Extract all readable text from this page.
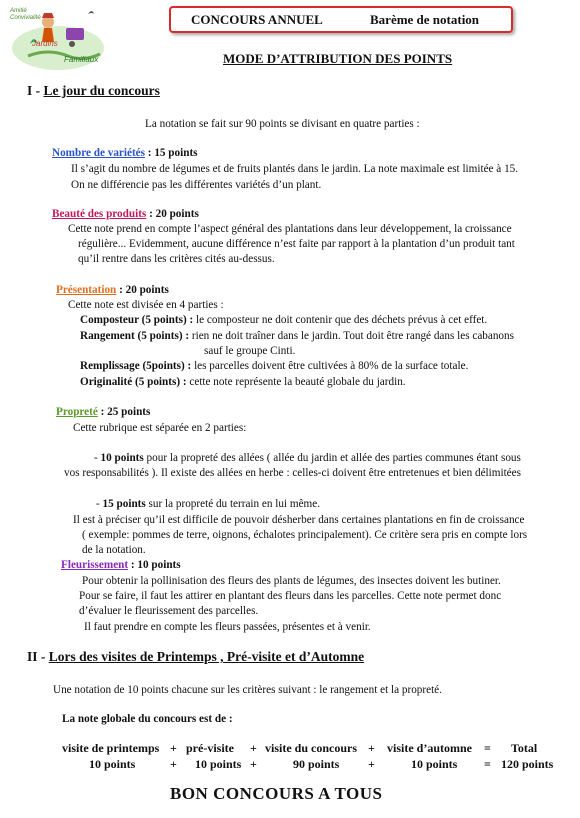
Amitié
Convivialité
Jardins
Familiaux
CONCOURS ANNUEL	Barème de notation
MODE D’ATTRIBUTION DES POINTS
I - Le jour du concours
La notation se fait sur 90 points se divisant en quatre parties :
Nombre de variétés : 15 points
Il s’agit du nombre de légumes et de fruits plantés dans le jardin. La note maximale est limitée à 15.
On ne différencie pas les différentes variétés d’un plant.
Beauté des produits : 20 points
Cette note prend en compte l’aspect général des plantations dans leur développement, la croissance
régulière... Evidemment, aucune différence n’est faite par rapport à la plantation d’un produit tant
qu’il rentre dans les critères cités au-dessus.
Présentation : 20 points
Cette note est divisée en 4 parties :
Composteur (5 points) : le composteur ne doit contenir que des déchets prévus à cet effet.
Rangement (5 points) : rien ne doit traîner dans le jardin. Tout doit être rangé dans les cabanons
sauf le groupe Cinti.
Remplissage (5points) : les parcelles doivent être cultivées à 80% de la surface totale.
Originalité (5 points) : cette note représente la beauté globale du jardin.
Propreté : 25 points
Cette rubrique est séparée en 2 parties:
- 10 points pour la propreté des allées ( allée du jardin et allée des parties communes étant sous
vos responsabilités ). Il existe des allées en herbe : celles-ci doivent être entretenues et bien délimitées
- 15 points sur la propreté du terrain en lui même.
Il est à préciser qu’il est difficile de pouvoir désherber dans certaines plantations en fin de croissance
( exemple: pommes de terre, oignons, échalotes principalement). Ce critère sera pris en compte lors
de la notation.
Fleurissement : 10 points
Pour obtenir la pollinisation des fleurs des plants de légumes, des insectes doivent les butiner.
Pour se faire, il faut les attirer en plantant des fleurs dans les parcelles. Cette note permet donc
d’évaluer le fleurissement des parcelles.
Il faut prendre en compte les fleurs passées, présentes et à venir.
II - Lors des visites de Printemps , Pré-visite et d’Automne
Une notation de 10 points chacune sur les critères suivant : le rangement et la propreté.
La note globale du concours est de :
visite de printemps + pré-visite + visite du concours + visite d’automne = Total
10 points	+ 10 points +	90 points +	10 points = 120 points
BON CONCOURS A TOUS
